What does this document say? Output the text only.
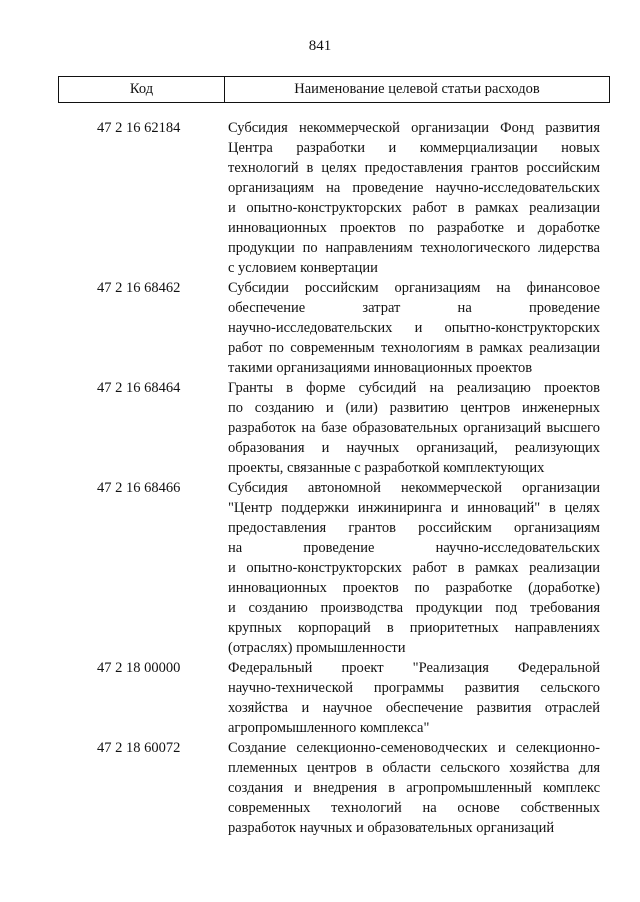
841
Код	Наименование целевой статьи расходов
47 2 16 62184	Субсидия некоммерческой организации Фонд развития
Центра разработки и коммерциализации новых
технологий в целях предоставления грантов российским
организациям на проведение научно-исследовательских
и опытно-конструкторских работ в рамках реализации
инновационных проектов по разработке и доработке
продукции по направлениям технологического лидерства
с условием конвертации
47 2 16 68462	Субсидии российским организациям на финансовое
обеспечение затрат на проведение
научно-исследовательских и опытно-конструкторских
работ по современным технологиям в рамках реализации
такими организациями инновационных проектов
47 2 16 68464	Гранты в форме субсидий на реализацию проектов
по созданию и (или) развитию центров инженерных
разработок на базе образовательных организаций высшего
образования и научных организаций, реализующих
проекты, связанные с разработкой комплектующих
47 2 16 68466	Субсидия автономной некоммерческой организации
"Центр поддержки инжиниринга и инноваций" в целях
предоставления грантов российским организациям
на проведение научно-исследовательских
и опытно-конструкторских работ в рамках реализации
инновационных проектов по разработке (доработке)
и созданию производства продукции под требования
крупных корпораций в приоритетных направлениях
(отраслях) промышленности
47 2 18 00000	Федеральный проект "Реализация Федеральной
научно-технической программы развития сельского
хозяйства и научное обеспечение развития отраслей
агропромышленного комплекса"
47 2 18 60072	Создание селекционно-семеноводческих и селекционно-
племенных центров в области сельского хозяйства для
создания и внедрения в агропромышленный комплекс
современных технологий на основе собственных
разработок научных и образовательных организаций
